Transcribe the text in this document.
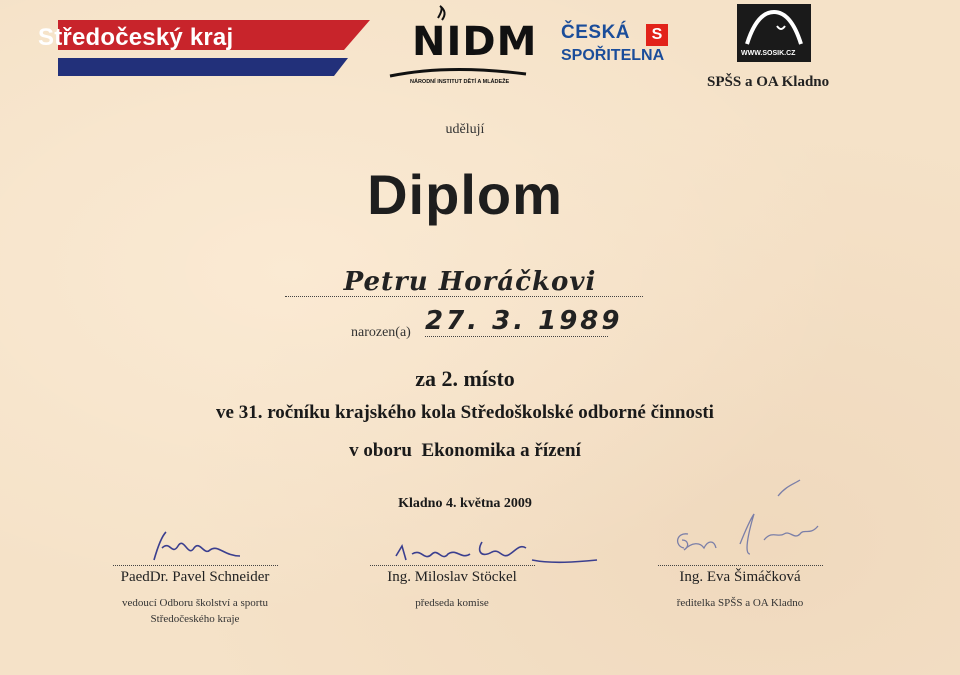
Středočeský kraj	NIDM
NÁRODNÍ INSTITUT DĚTÍ A MLÁDEŽE
ČESKÁ	S
SPOŘITELNA	WWW.SOSIK.CZ
SPŠS a OA Kladno
udělují
Diplom
Petru Horáčkovi
narozen(a) 27. 3. 1989
za 2. místo
ve 31. ročníku krajského kola Středoškolské odborné činnosti
v oboru  Ekonomika a řízení
Kladno 4. května 2009
PaedDr. Pavel Schneider
vedoucí Odboru školství a sportu Středočeského kraje
Ing. Miloslav Stöckel
předseda komise
Ing. Eva Šimáčková
ředitelka SPŠS a OA Kladno
